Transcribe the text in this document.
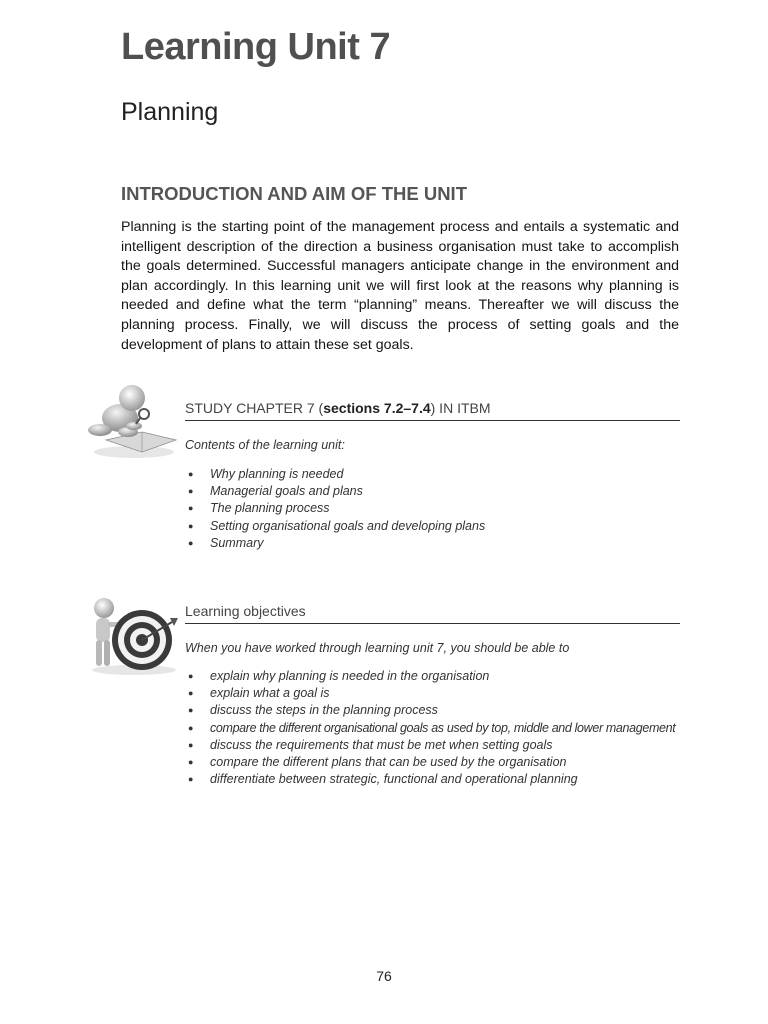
Learning Unit 7
Planning
INTRODUCTION AND AIM OF THE UNIT

Planning is the starting point of the management process and entails a systematic and intelligent description of the direction a business organisation must take to accomplish the goals determined. Successful managers anticipate change in the environment and plan accordingly. In this learning unit we will first look at the reasons why planning is needed and define what the term “planning” means. Thereafter we will discuss the planning process. Finally, we will discuss the process of setting goals and the development of plans to attain these set goals.

STUDY CHAPTER 7 (sections 7.2–7.4) IN ITBM
Contents of the learning unit:
● Why planning is needed
● Managerial goals and plans
● The planning process
● Setting organisational goals and developing plans
● Summary
Learning objectives
When you have worked through learning unit 7, you should be able to
● explain why planning is needed in the organisation
● explain what a goal is
● discuss the steps in the planning process
● compare the different organisational goals as used by top, middle and lower management
● discuss the requirements that must be met when setting goals
● compare the different plans that can be used by the organisation
● differentiate between strategic, functional and operational planning

76
